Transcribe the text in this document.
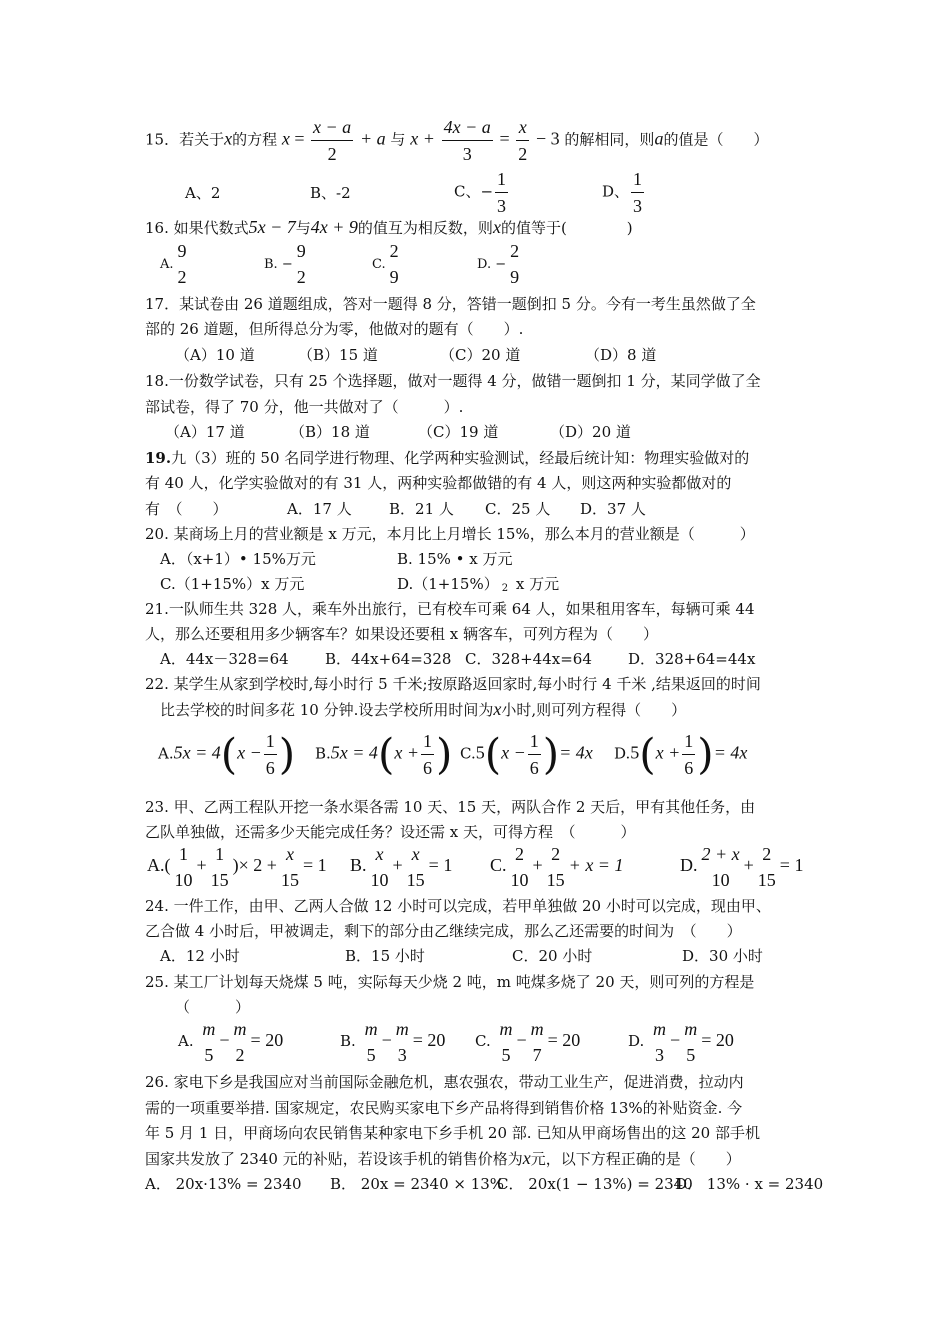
15．若关于x的方程 $x = \frac{x - a}{2} + a$ 与 $x + \frac{4x - a}{3} = \frac{x}{2} - 3$ 的解相同，则a的值是（　　）
A、2	B、-2	C、− $\frac{1}{3}$	D、 $\frac{1}{3}$
16. 如果代数式5x − 7与4x + 9的值互为相反数，则x的值等于(　　　　)
A.
9
2
B. −
9
2
C.
2
9
D. −
2
9
17．某试卷由 26 道题组成，答对一题得 8 分，答错一题倒扣 5 分。今有一考生虽然做了全
部的 26 道题，但所得总分为零，他做对的题有（　　）.
（A）10 道	（B）15 道	（C）20 道	（D）8 道
18.一份数学试卷，只有 25 个选择题，做对一题得 4 分，做错一题倒扣 1 分，某同学做了全
部试卷，得了 70 分，他一共做对了（　　　）.
（A）17 道	（B）18 道	（C）19 道	（D）20 道
19.九（3）班的 50 名同学进行物理、化学两种实验测试，经最后统计知：物理实验做对的
有 40 人，化学实验做对的有 31 人，两种实验都做错的有 4 人，则这两种实验都做对的
有　（　　）	A．17 人 B．21 人 C．25 人 D．37 人
20. 某商场上月的营业额是 x 万元，本月比上月增长 15%，那么本月的营业额是（　　　）
A．（x+1）• 15%万元	B. 15% • x 万元
C.（1+15%）x 万元	D.（1+15%） 2 x 万元
21.一队师生共 328 人，乘车外出旅行，已有校车可乘 64 人，如果租用客车，每辆可乘 44
人，那么还要租用多少辆客车？如果设还要租 x 辆客车，可列方程为（　　）
A．44x－328=64 B．44x+64=328 C．328+44x=64 D．328+64=44x
22. 某学生从家到学校时,每小时行 5 千米;按原路返回家时,每小时行 4 千米 ,结果返回的时间
比去学校的时间多花 10 分钟.设去学校所用时间为x小时,则可列方程得（　　）
$A.5x = 4(x - \frac{1}{6}$ ) $B.5x = 4(x + \frac{1}{6}$ ) $C.5(x - \frac{1}{6}$ )= 4x $D.5(x + \frac{1}{6}$ )= 4x
23. 甲、乙两工程队开挖一条水渠各需 10 天、15 天，两队合作 2 天后，甲有其他任务，由
乙队单独做，还需多少天能完成任务？设还需 x 天，可得方程　（　　　）
A.(
1
10
+
1
15
)× 2 +
x
15
= 1 B.
x
10
+
x
15
= 1 C.
2
10
+
2
15
+ x = 1	D.
2 + x
10
+
2
15
= 1
24. 一件工作，由甲、乙两人合做 12 小时可以完成，若甲单独做 20 小时可以完成，现由甲、
乙合做 4 小时后，甲被调走，剩下的部分由乙继续完成，那么乙还需要的时间为　（　　）
A．12 小时	B．15 小时	C．20 小时	D．30 小时
25. 某工厂计划每天烧煤 5 吨，实际每天少烧 2 吨，m 吨煤多烧了 20 天，则可列的方程是
（　　　）
A.
m
5
−
m
2
= 20	B.
m
5
−
m
3
= 20 C.
m
5
−
m
7
= 20	D.
m
3
−
m
5
= 20
26. 家电下乡是我国应对当前国际金融危机，惠农强农，带动工业生产，促进消费，拉动内
需的一项重要举措. 国家规定，农民购买家电下乡产品将得到销售价格 13%的补贴资金. 今
年 5 月 1 日，甲商场向农民销售某种家电下乡手机 20 部. 已知从甲商场售出的这 20 部手机
国家共发放了 2340 元的补贴，若设该手机的销售价格为x元，以下方程正确的是（　　）
A． 20x·13% = 2340 B． 20x = 2340 × 13%
C． 20x(1 − 13%) = 2340
D． 13% · x = 2340
